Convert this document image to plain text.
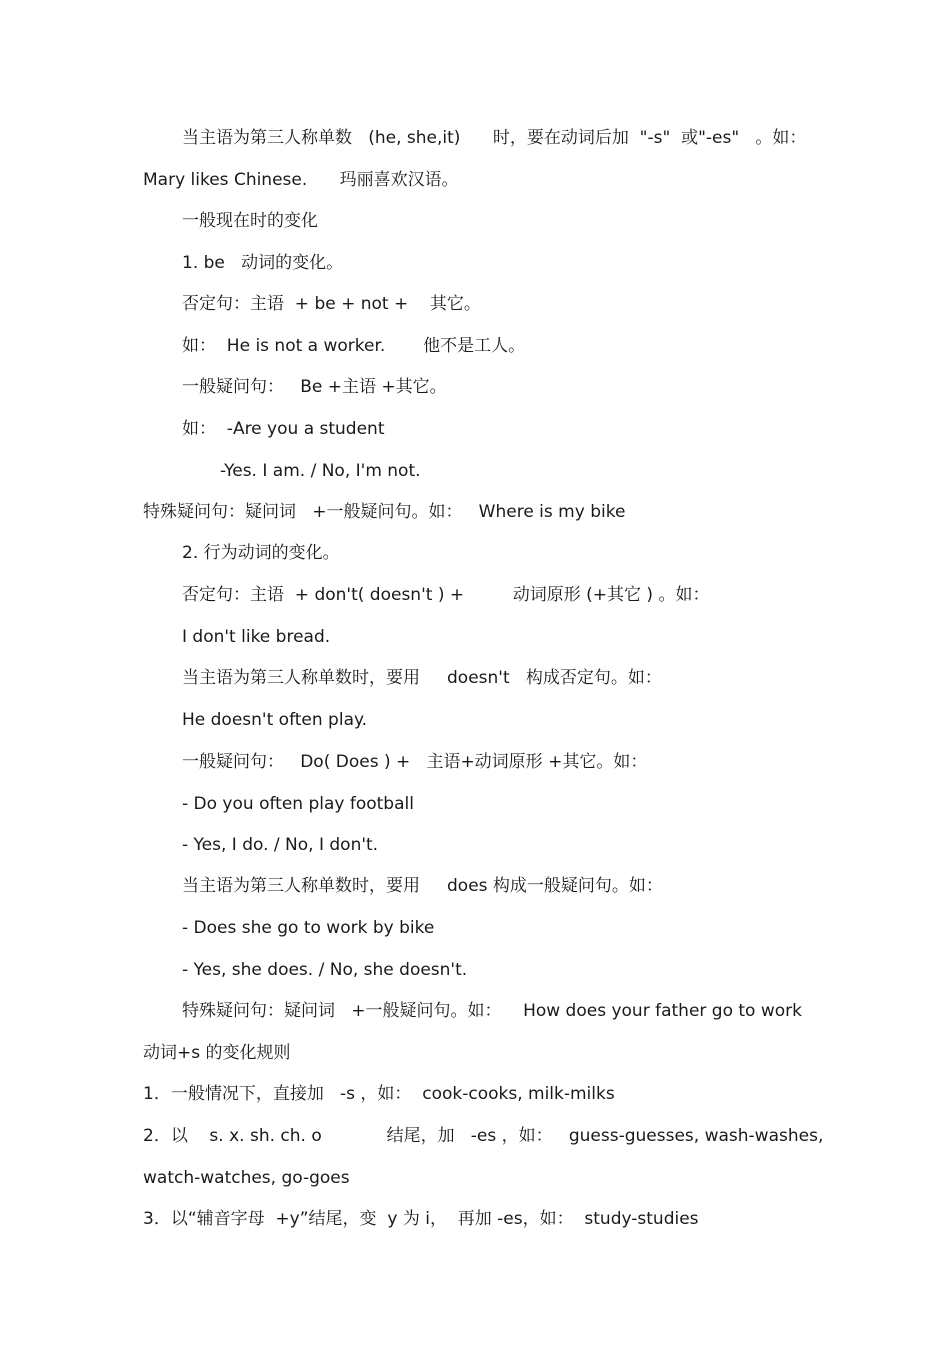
当主语为第三人称单数   (he, she,it)      时，要在动词后加  "-s"  或"-es"   。如：
Mary likes Chinese.      玛丽喜欢汉语。
一般现在时的变化
1. be   动词的变化。
否定句：主语  + be + not +    其它。
如：  He is not a worker.       他不是工人。
一般疑问句：   Be +主语 +其它。
如：  -Are you a student
-Yes. I am. / No, I'm not.
特殊疑问句：疑问词   +一般疑问句。如：   Where is my bike
2. 行为动词的变化。
否定句：主语  + don't( doesn't ) +         动词原形 (+其它 ) 。如：
I don't like bread.
当主语为第三人称单数时，要用     doesn't   构成否定句。如：
He doesn't often play.
一般疑问句：   Do( Does ) +   主语+动词原形 +其它。如：
- Do you often play football
- Yes, I do. / No, I don't.
当主语为第三人称单数时，要用     does 构成一般疑问句。如：
- Does she go to work by bike
- Yes, she does. / No, she doesn't.
特殊疑问句：疑问词   +一般疑问句。如：    How does your father go to work
动词+s 的变化规则
1．一般情况下，直接加   -s ，如：  cook-cooks, milk-milks
2．以    s. x. sh. ch. o            结尾，加   -es ，如：   guess-guesses, wash-washes,
watch-watches, go-goes
3．以“辅音字母  +y”结尾，变  y 为 i，  再加 -es，如：  study-studies
